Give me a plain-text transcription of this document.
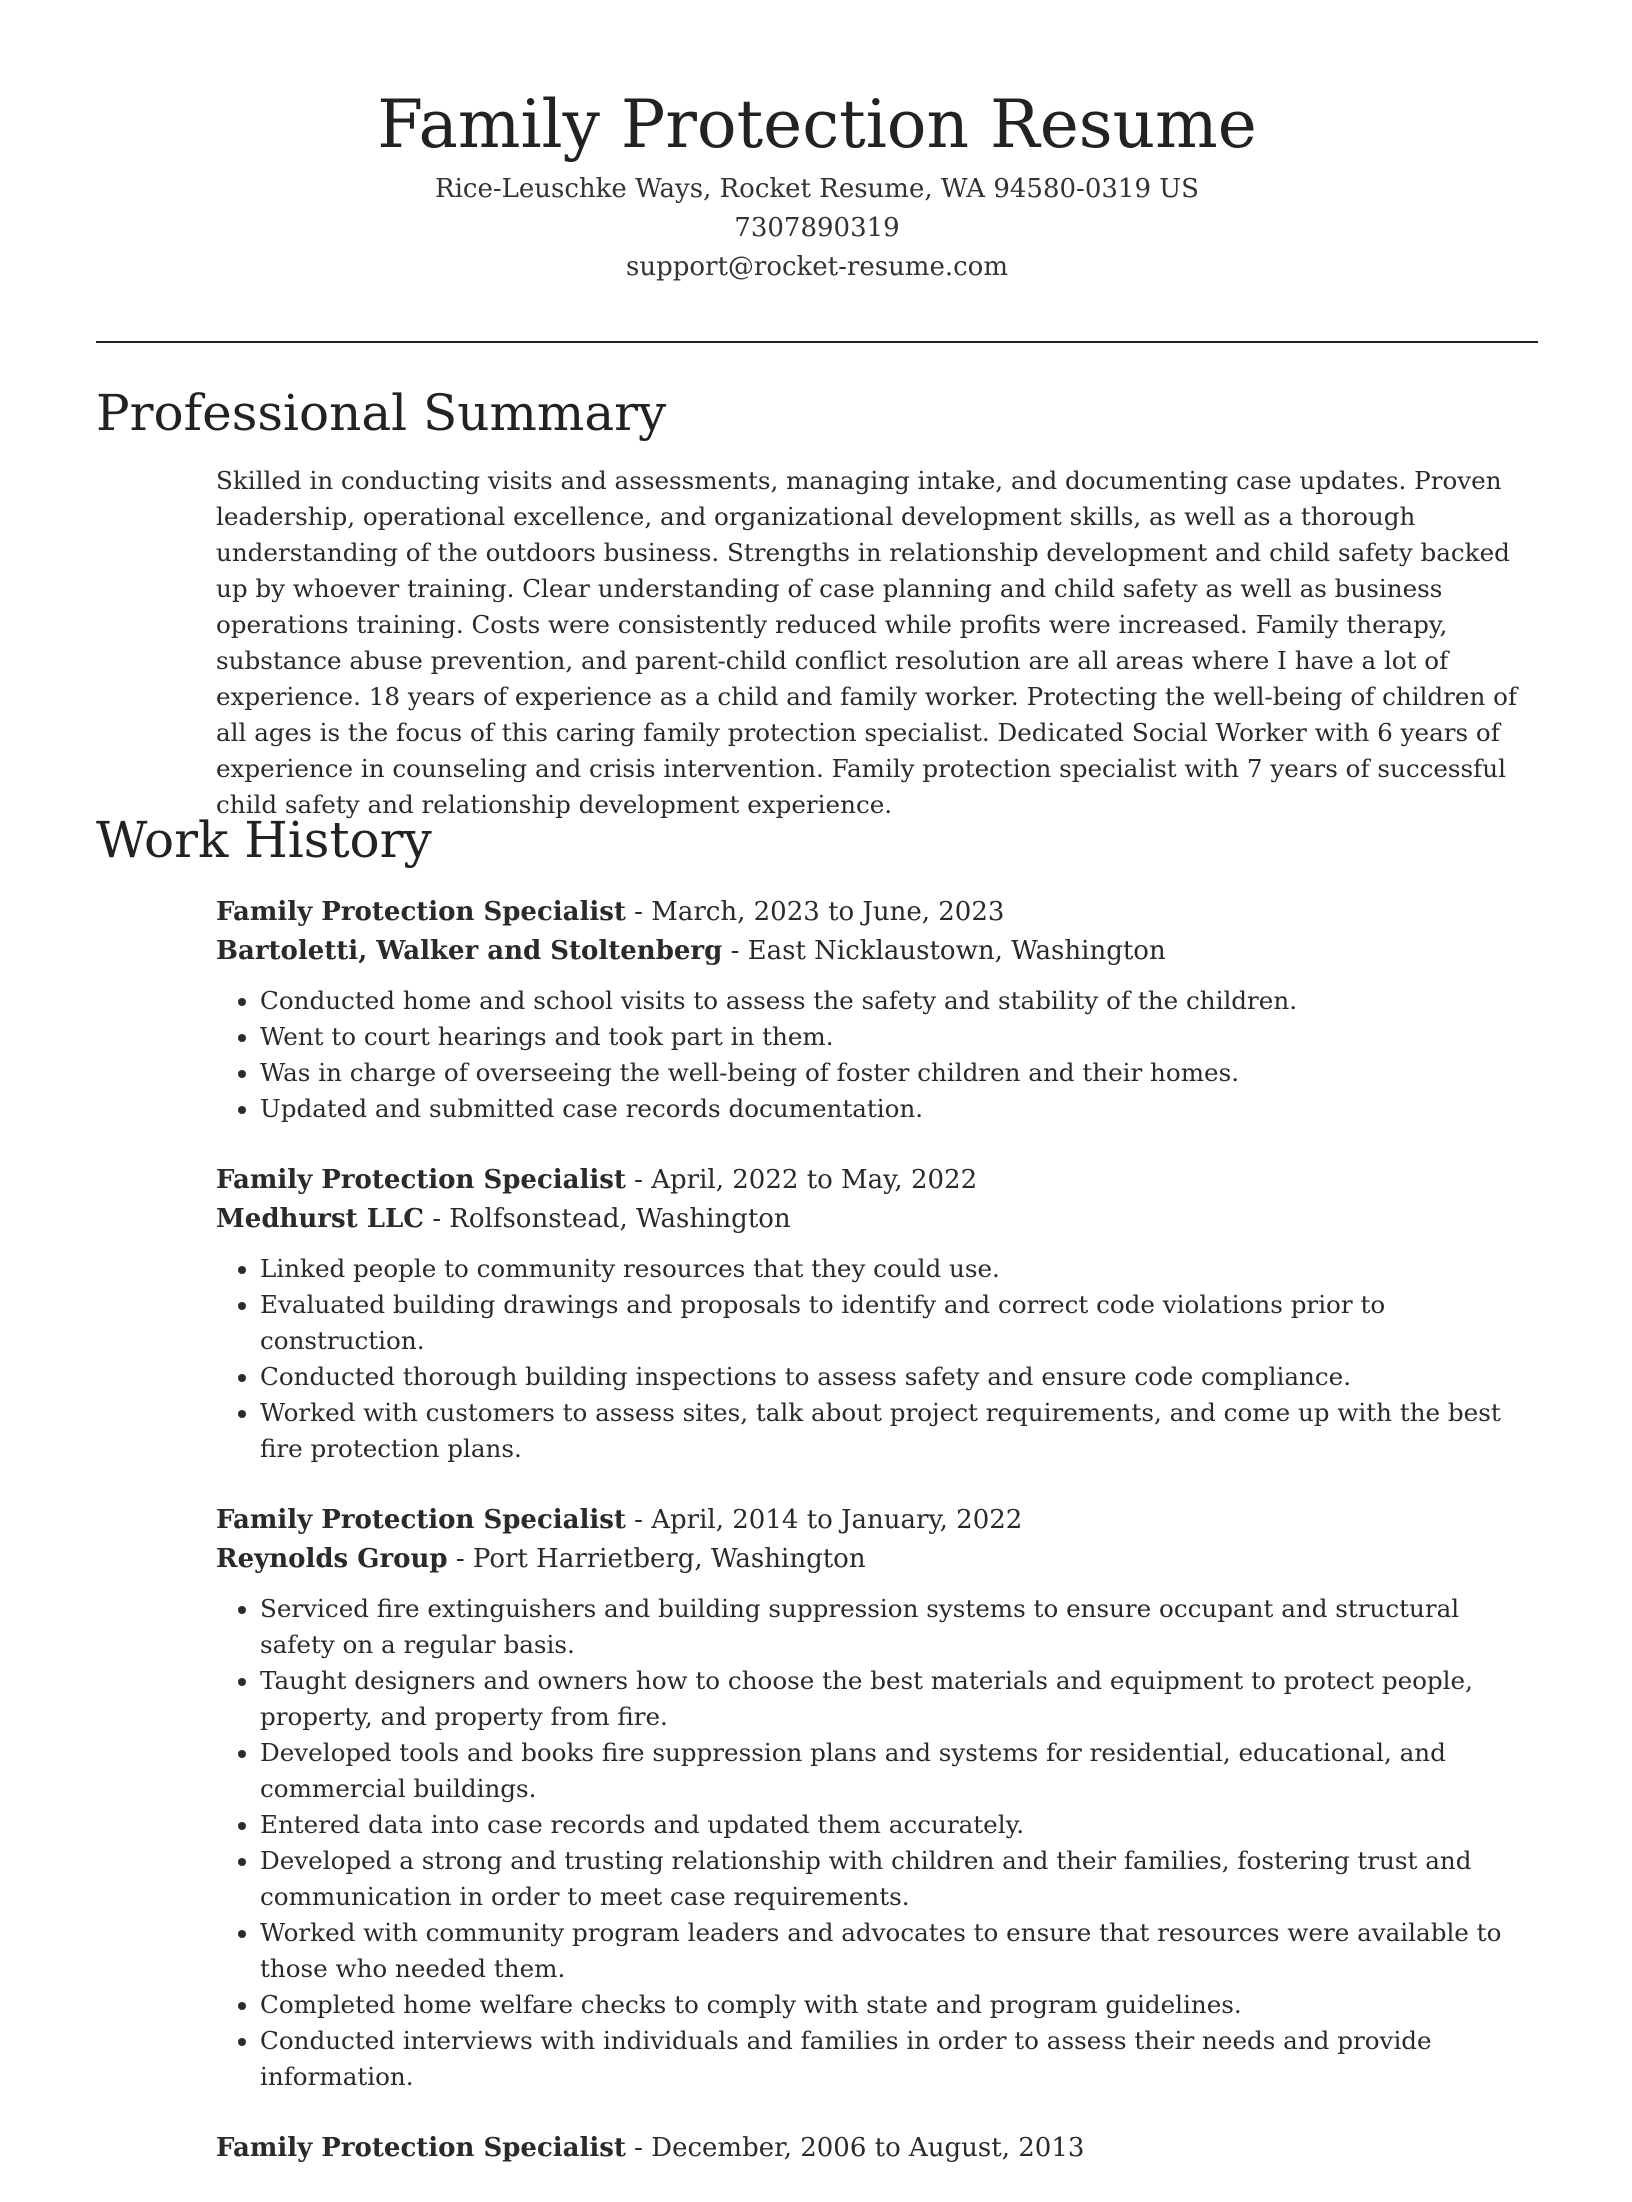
Family Protection Resume
Rice-Leuschke Ways, Rocket Resume, WA 94580-0319 US
7307890319
support@rocket-resume.com
Professional Summary

Skilled in conducting visits and assessments, managing intake, and documenting case updates. Proven leadership, operational excellence, and organizational development skills, as well as a thorough understanding of the outdoors business. Strengths in relationship development and child safety backed up by whoever training. Clear understanding of case planning and child safety as well as business operations training. Costs were consistently reduced while profits were increased. Family therapy, substance abuse prevention, and parent-child conflict resolution are all areas where I have a lot of experience. 18 years of experience as a child and family worker. Protecting the well-being of children of all ages is the focus of this caring family protection specialist. Dedicated Social Worker with 6 years of experience in counseling and crisis intervention. Family protection specialist with 7 years of successful child safety and relationship development experience.

Work History
Family Protection Specialist - March, 2023 to June, 2023
Bartoletti, Walker and Stoltenberg - East Nicklaustown, Washington
• Conducted home and school visits to assess the safety and stability of the children.
• Went to court hearings and took part in them.
• Was in charge of overseeing the well-being of foster children and their homes.
• Updated and submitted case records documentation.
Family Protection Specialist - April, 2022 to May, 2022
Medhurst LLC - Rolfsonstead, Washington
• Linked people to community resources that they could use.
• Evaluated building drawings and proposals to identify and correct code violations prior to construction.
• Conducted thorough building inspections to assess safety and ensure code compliance.
• Worked with customers to assess sites, talk about project requirements, and come up with the best fire protection plans.
Family Protection Specialist - April, 2014 to January, 2022
Reynolds Group - Port Harrietberg, Washington
• Serviced fire extinguishers and building suppression systems to ensure occupant and structural safety on a regular basis.
• Taught designers and owners how to choose the best materials and equipment to protect people, property, and property from fire.
• Developed tools and books fire suppression plans and systems for residential, educational, and commercial buildings.
• Entered data into case records and updated them accurately.
• Developed a strong and trusting relationship with children and their families, fostering trust and communication in order to meet case requirements.
• Worked with community program leaders and advocates to ensure that resources were available to those who needed them.
• Completed home welfare checks to comply with state and program guidelines.
• Conducted interviews with individuals and families in order to assess their needs and provide information.
Family Protection Specialist - December, 2006 to August, 2013
